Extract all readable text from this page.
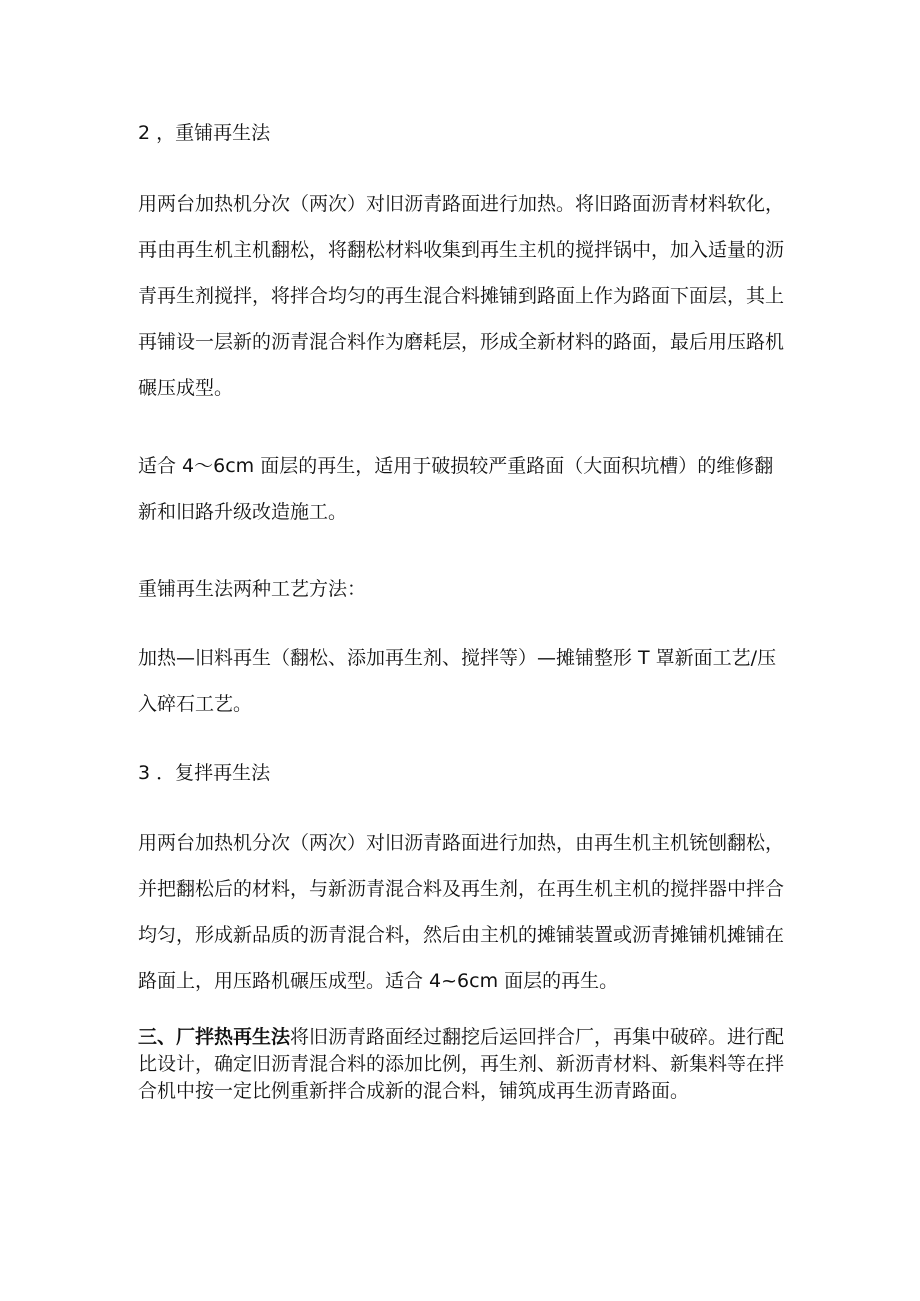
2 ，重铺再生法

用两台加热机分次（两次）对旧沥青路面进行加热。将旧路面沥青材料软化，再由再生机主机翻松，将翻松材料收集到再生主机的搅拌锅中，加入适量的沥青再生剂搅拌，将拌合均匀的再生混合料摊铺到路面上作为路面下面层，其上再铺设一层新的沥青混合料作为磨耗层，形成全新材料的路面，最后用压路机碾压成型。

适合 4～6cm 面层的再生，适用于破损较严重路面（大面积坑槽）的维修翻新和旧路升级改造施工。

重铺再生法两种工艺方法：

加热—旧料再生（翻松、添加再生剂、搅拌等）—摊铺整形 T 罩新面工艺/压入碎石工艺。

3 ．复拌再生法

用两台加热机分次（两次）对旧沥青路面进行加热，由再生机主机铳刨翻松，并把翻松后的材料，与新沥青混合料及再生剂，在再生机主机的搅拌器中拌合均匀，形成新品质的沥青混合料，然后由主机的摊铺装置或沥青摊铺机摊铺在路面上，用压路机碾压成型。适合 4~6cm 面层的再生。

三、厂拌热再生法将旧沥青路面经过翻挖后运回拌合厂，再集中破碎。进行配比设计，确定旧沥青混合料的添加比例，再生剂、新沥青材料、新集料等在拌合机中按一定比例重新拌合成新的混合料，铺筑成再生沥青路面。
